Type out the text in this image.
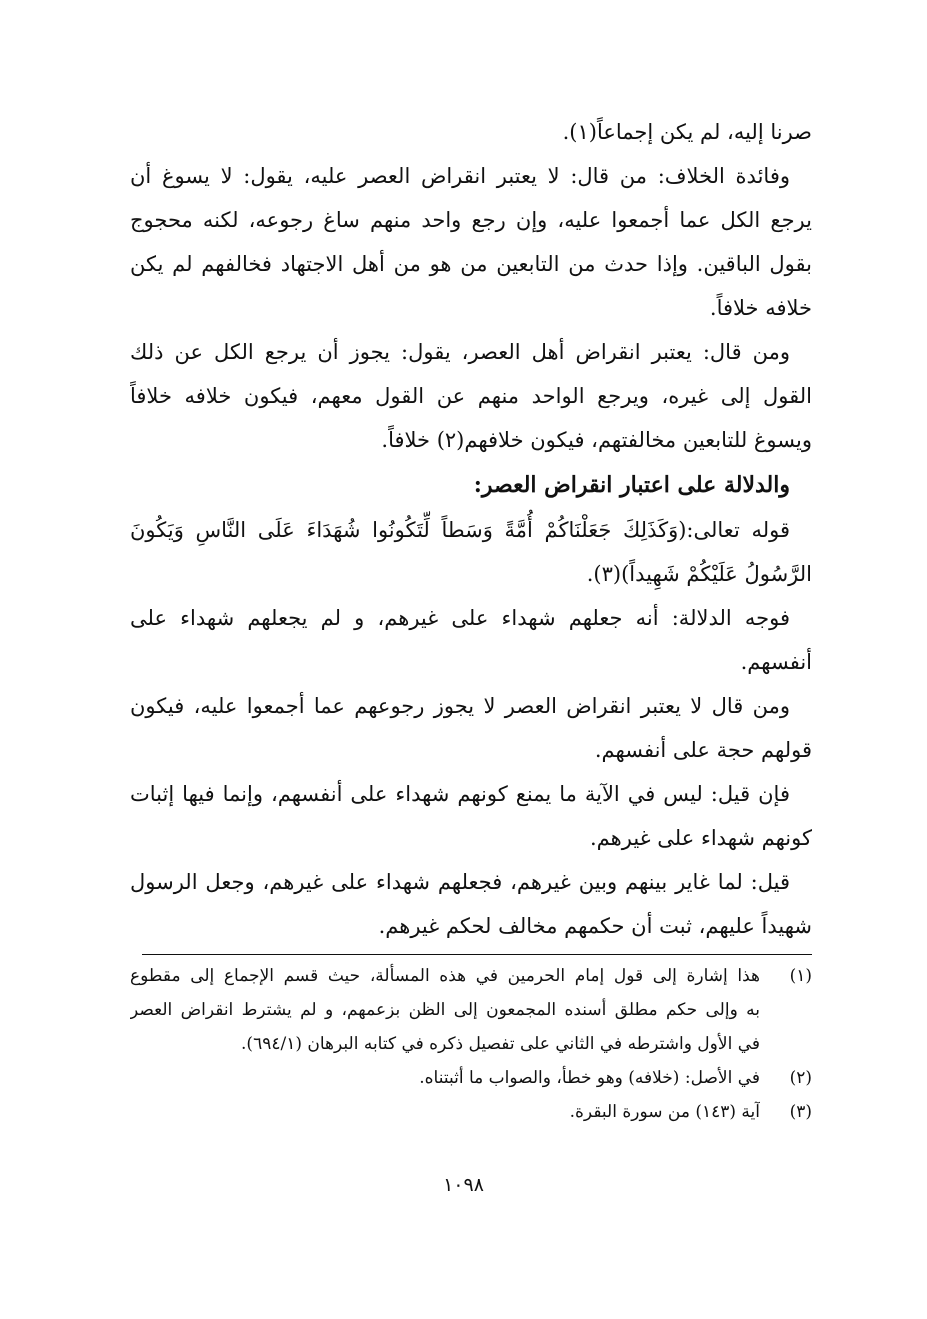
صرنا إليه، لم يكن إجماعاً(١).
وفائدة الخلاف: من قال: لا يعتبر انقراض العصر عليه، يقول: لا يسوغ أن
يرجع الكل عما أجمعوا عليه، وإن رجع واحد منهم ساغ رجوعه، لكنه محجوج
بقول الباقين. وإذا حدث من التابعين من هو من أهل الاجتهاد فخالفهم لم يكن
خلافه خلافاً.
ومن قال: يعتبر انقراض أهل العصر، يقول: يجوز أن يرجع الكل عن ذلك
القول إلى غيره، ويرجع الواحد منهم عن القول معهم، فيكون خلافه خلافاً
ويسوغ للتابعين مخالفتهم، فيكون خلافهم(٢) خلافاً.
والدلالة على اعتبار انقراض العصر:
قوله تعالى:(وَكَذَلِكَ جَعَلْنَاكُمْ أُمَّةً وَسَطاً لِّتَكُونُوا شُهَدَاءَ عَلَى النَّاسِ وَيَكُونَ
الرَّسُولُ عَلَيْكُمْ شَهِيداً)(٣).
فوجه الدلالة: أنه جعلهم شهداء على غيرهم، و لم يجعلهم شهداء على
أنفسهم.
ومن قال لا يعتبر انقراض العصر لا يجوز رجوعهم عما أجمعوا عليه، فيكون
قولهم حجة على أنفسهم.
فإن قيل: ليس في الآية ما يمنع كونهم شهداء على أنفسهم، وإنما فيها إثبات
كونهم شهداء على غيرهم.
قيل: لما غاير بينهم وبين غيرهم، فجعلهم شهداء على غيرهم، وجعل الرسول
شهيداً عليهم، ثبت أن حكمهم مخالف لحكم غيرهم.
(١)
هذا إشارة إلى قول إمام الحرمين في هذه المسألة، حيث قسم الإجماع إلى مقطوع
به وإلى حكم مطلق أسنده المجمعون إلى الظن بزعمهم، و لم يشترط انقراض العصر
في الأول واشترطه في الثاني على تفصيل ذكره في كتابه البرهان (٦٩٤/١).
(٢)
في الأصل: (خلافه) وهو خطأ، والصواب ما أثبتناه.
(٣)
آية (١٤٣) من سورة البقرة.
١٠٩٨
